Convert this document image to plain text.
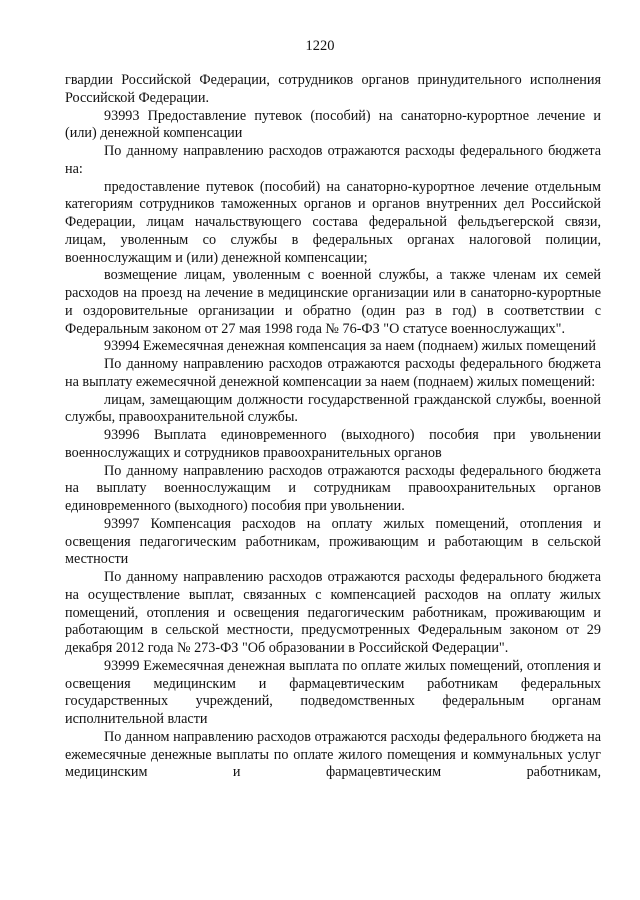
1220

гвардии Российской Федерации, сотрудников органов принудительного исполнения Российской Федерации.

93993 Предоставление путевок (пособий) на санаторно-курортное лечение и (или) денежной компенсации

По данному направлению расходов отражаются расходы федерального бюджета на:

предоставление путевок (пособий) на санаторно-курортное лечение отдельным категориям сотрудников таможенных органов и органов внутренних дел Российской Федерации, лицам начальствующего состава федеральной фельдъегерской связи, лицам, уволенным со службы в федеральных органах налоговой полиции, военнослужащим и (или) денежной компенсации;

возмещение лицам, уволенным с военной службы, а также членам их семей расходов на проезд на лечение в медицинские организации или в санаторно-курортные и оздоровительные организации и обратно (один раз в год) в соответствии с Федеральным законом от 27 мая 1998 года № 76-ФЗ "О статусе военнослужащих".

93994 Ежемесячная денежная компенсация за наем (поднаем) жилых помещений

По данному направлению расходов отражаются расходы федерального бюджета на выплату ежемесячной денежной компенсации за наем (поднаем) жилых помещений:

лицам, замещающим должности государственной гражданской службы, военной службы, правоохранительной службы.

93996 Выплата единовременного (выходного) пособия при увольнении военнослужащих и сотрудников правоохранительных органов

По данному направлению расходов отражаются расходы федерального бюджета на выплату военнослужащим и сотрудникам правоохранительных органов единовременного (выходного) пособия при увольнении.

93997 Компенсация расходов на оплату жилых помещений, отопления и освещения педагогическим работникам, проживающим и работающим в сельской местности

По данному направлению расходов отражаются расходы федерального бюджета на осуществление выплат, связанных с компенсацией расходов на оплату жилых помещений, отопления и освещения педагогическим работникам, проживающим и работающим в сельской местности, предусмотренных Федеральным законом от 29 декабря 2012 года № 273-ФЗ "Об образовании в Российской Федерации".

93999 Ежемесячная денежная выплата по оплате жилых помещений, отопления и освещения медицинским и фармацевтическим работникам федеральных государственных учреждений, подведомственных федеральным органам исполнительной власти

По данном направлению расходов отражаются расходы федерального бюджета на ежемесячные денежные выплаты по оплате жилого помещения и коммунальных услуг медицинским и фармацевтическим работникам,
